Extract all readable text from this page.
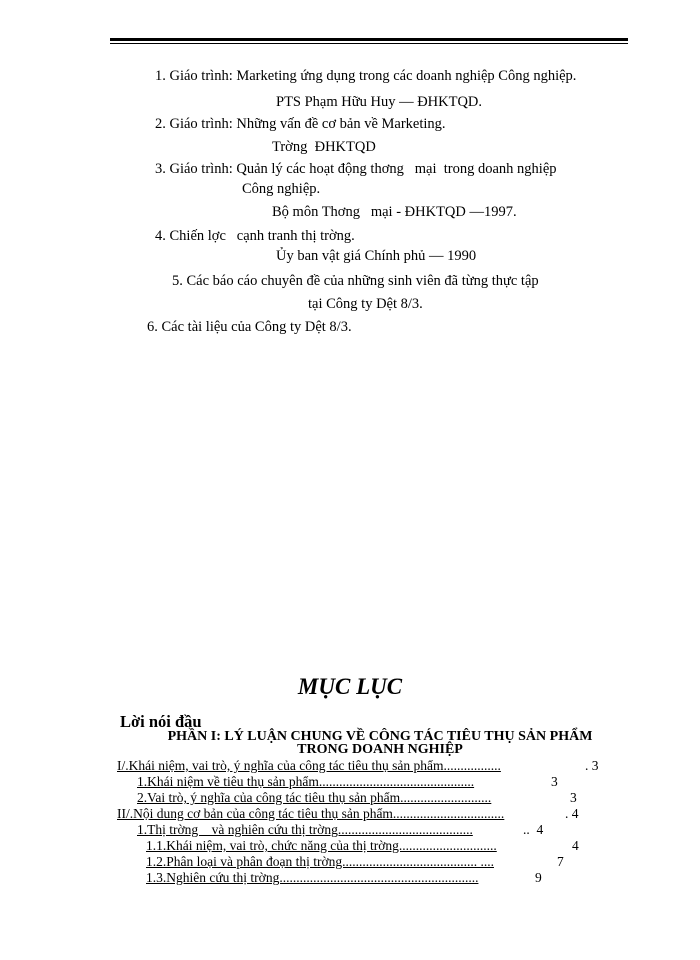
1. Giáo trình: Marketing ứng dụng trong các doanh nghiệp Công nghiệp.
PTS Phạm Hữu Huy — ĐHKTQD.
2. Giáo trình: Những vấn đề cơ bản về Marketing.
Trờng  ĐHKTQD
3. Giáo trình: Quản lý các hoạt động thơng   mại  trong doanh nghiệp
Công nghiệp.
Bộ môn Thơng   mại - ĐHKTQD —1997.
4. Chiến lợc   cạnh tranh thị trờng.
Ủy ban vật giá Chính phủ — 1990
5. Các báo cáo chuyên đề của những sinh viên đã từng thực tập
tại Công ty Dệt 8/3.
6. Các tài liệu của Công ty Dệt 8/3.
MỤC LỤC
Lời nói đầu
PHẦN I: LÝ LUẬN CHUNG VỀ CÔNG TÁC TIÊU THỤ SẢN PHẨM
TRONG DOANH NGHIỆP
I/.Khái niệm, vai trò, ý nghĩa của công tác tiêu thụ sản phẩm.................	. 3
1.Khái niệm về tiêu thụ sản phẩm..............................................	3
2.Vai trò, ý nghĩa của công tác tiêu thụ sản phẩm...........................	3
II/.Nội dung cơ bản của công tác tiêu thụ sản phẩm.................................	. 4
1.Thị trờng    và nghiên cứu thị trờng........................................	..  4
1.1.Khái niệm, vai trò, chức năng của thị trờng.............................	4
1.2.Phân loại và phân đoạn thị trờng........................................ ....	7
1.3.Nghiên cứu thị trờng...........................................................	9
